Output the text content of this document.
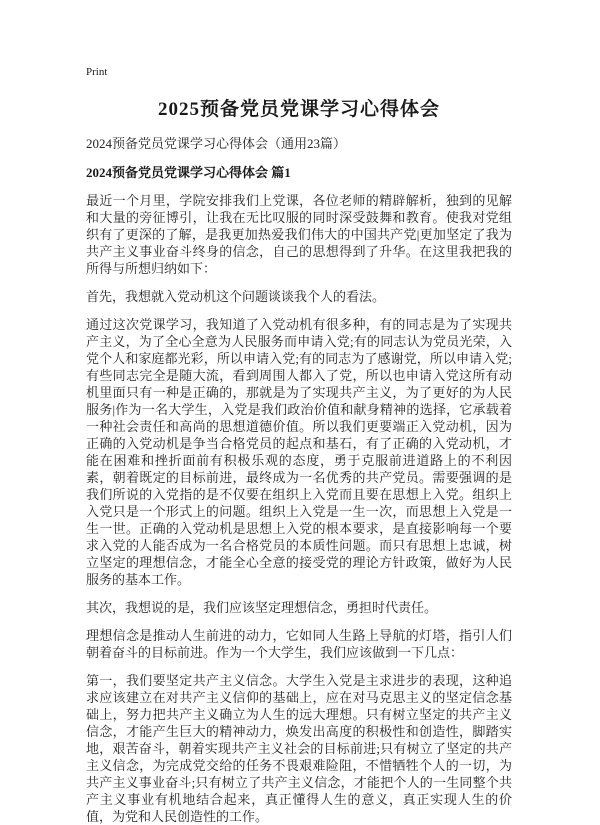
Print
2025预备党员党课学习心得体会
2024预备党员党课学习心得体会（通用23篇）
2024预备党员党课学习心得体会 篇1

最近一个月里，学院安排我们上党课，各位老师的精辟解析，独到的见解和大量的旁征博引，让我在无比叹服的同时深受鼓舞和教育。使我对党组织有了更深的了解，是我更加热爱我们伟大的中国共产党|更加坚定了我为共产主义事业奋斗终身的信念，自己的思想得到了升华。在这里我把我的所得与所想归纳如下：

首先，我想就入党动机这个问题谈谈我个人的看法。

通过这次党课学习，我知道了入党动机有很多种，有的同志是为了实现共产主义，为了全心全意为人民服务而申请入党;有的同志认为党员光荣，入党个人和家庭都光彩，所以申请入党;有的同志为了感谢党，所以申请入党;有些同志完全是随大流，看到周围人都入了党，所以也申请入党这所有动机里面只有一种是正确的，那就是为了实现共产主义，为了更好的为人民服务|作为一名大学生，入党是我们政治价值和献身精神的选择，它承载着一种社会责任和高尚的思想道德价值。所以我们更要端正入党动机，因为正确的入党动机是争当合格党员的起点和基石，有了正确的入党动机，才能在困难和挫折面前有积极乐观的态度，勇于克服前进道路上的不利因素，朝着既定的目标前进，最终成为一名优秀的共产党员。需要强调的是我们所说的入党指的是不仅要在组织上入党而且要在思想上入党。组织上入党只是一个形式上的问题。组织上入党是一生一次，而思想上入党是一生一世。正确的入党动机是思想上入党的根本要求，是直接影响每一个要求入党的人能否成为一名合格党员的本质性问题。而只有思想上忠诚，树立坚定的理想信念，才能全心全意的接受党的理论方针政策，做好为人民服务的基本工作。

其次，我想说的是，我们应该坚定理想信念，勇担时代责任。

理想信念是推动人生前进的动力，它如同人生路上导航的灯塔，指引人们朝着奋斗的目标前进。作为一个大学生，我们应该做到一下几点：

第一，我们要坚定共产主义信念。大学生入党是主求进步的表现，这种追求应该建立在对共产主义信仰的基础上，应在对马克思主义的坚定信念基础上，努力把共产主义确立为人生的远大理想。只有树立坚定的共产主义信念，才能产生巨大的精神动力，焕发出高度的积极性和创造性，脚踏实地，艰苦奋斗，朝着实现共产主义社会的目标前进;只有树立了坚定的共产主义信念，为完成党交给的任务不畏艰难险阻，不惜牺牲个人的一切，为共产主义事业奋斗;只有树立了共产主义信念，才能把个人的一生同整个共产主义事业有机地结合起来，真正懂得人生的意义，真正实现人生的价值，为党和人民创造性的工作。
